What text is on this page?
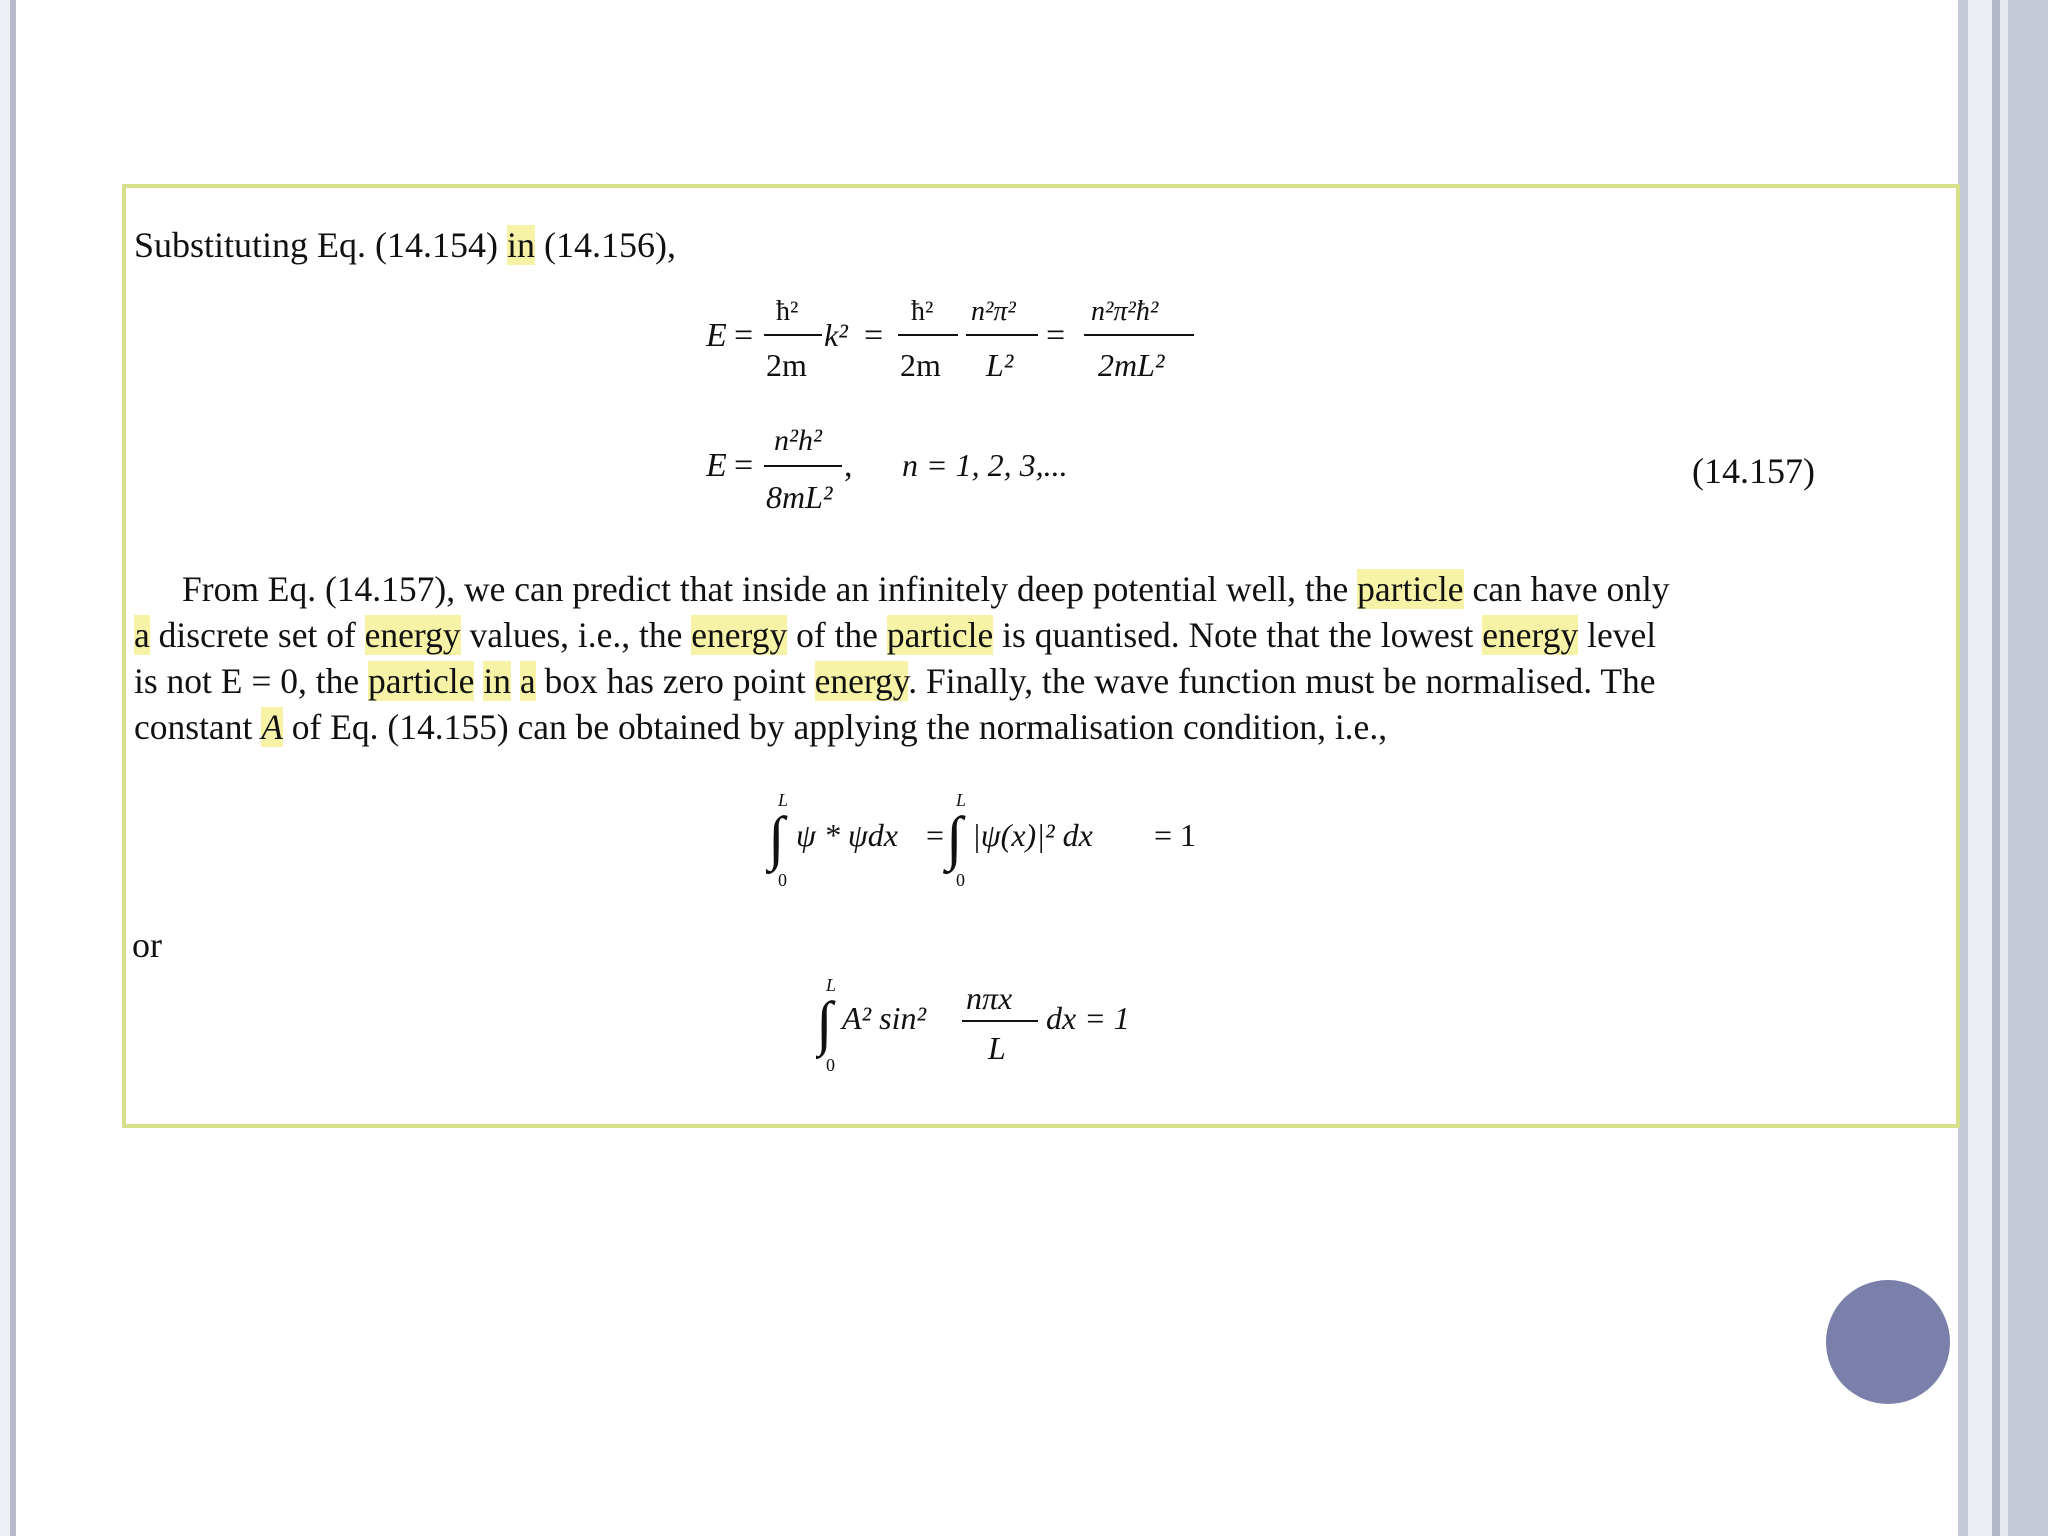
Substituting Eq. (14.154) in (14.156),
E =
ħ²
2m
k² =
ħ²
2m
n²π²
L²
=
n²π²ħ²
2mL²
E =
n²h²
8mL²
, n = 1, 2, 3,...	(14.157)
From Eq. (14.157), we can predict that inside an infinitely deep potential well, the particle can have only
a discrete set of energy values, i.e., the energy of the particle is quantised. Note that the lowest energy level
is not E = 0, the particle in a box has zero point energy. Finally, the wave function must be normalised. The
constant A of Eq. (14.155) can be obtained by applying the normalisation condition, i.e.,
L
∫
0
ψ * ψdx =
L
∫
0
|ψ(x)|² dx = 1
or
L
∫
0
A² sin²
nπx
L
dx = 1
